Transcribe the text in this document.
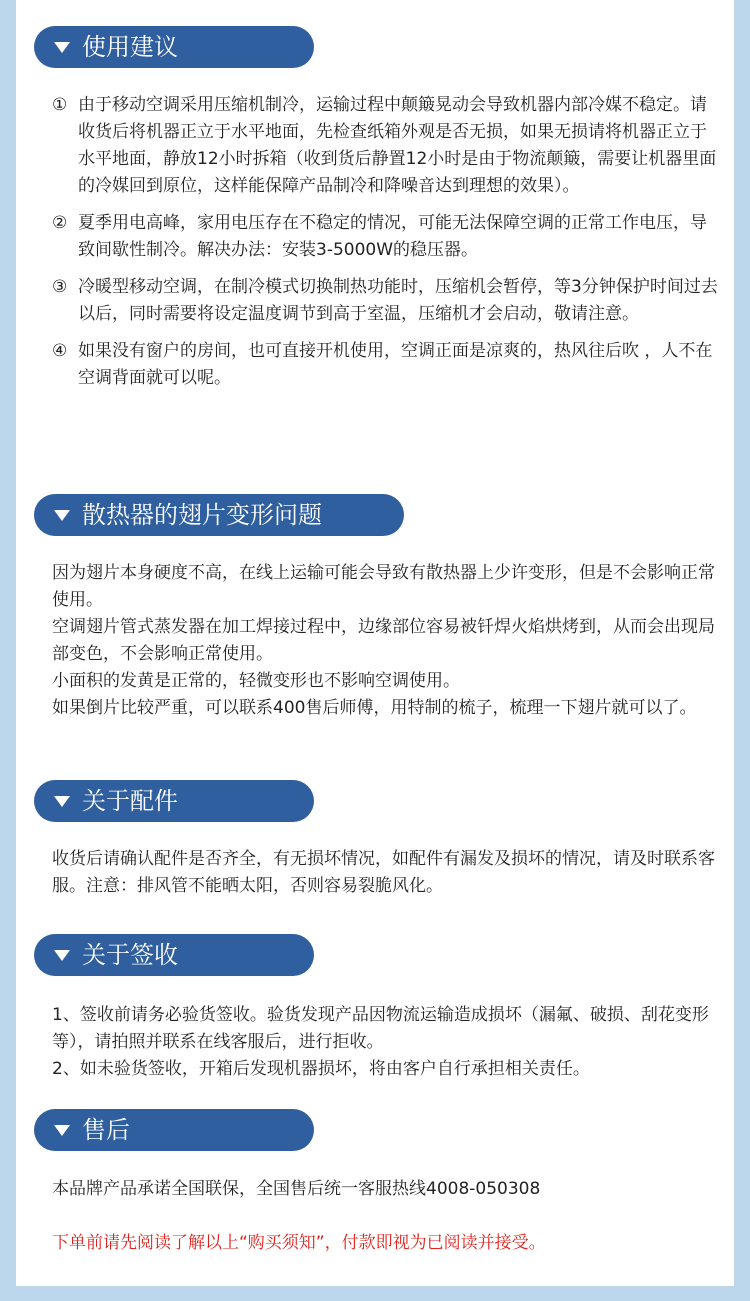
使用建议
① 由于移动空调采用压缩机制冷，运输过程中颠簸晃动会导致机器内部冷媒不稳定。请收货后将机器正立于水平地面，先检查纸箱外观是否无损，如果无损请将机器正立于水平地面，静放12小时拆箱（收到货后静置12小时是由于物流颠簸，需要让机器里面的冷媒回到原位，这样能保障产品制冷和降噪音达到理想的效果）。
② 夏季用电高峰，家用电压存在不稳定的情况，可能无法保障空调的正常工作电压，导致间歇性制冷。解决办法：安装3-5000W的稳压器。
③ 冷暖型移动空调，在制冷模式切换制热功能时，压缩机会暂停，等3分钟保护时间过去以后，同时需要将设定温度调节到高于室温，压缩机才会启动，敬请注意。
④ 如果没有窗户的房间，也可直接开机使用，空调正面是凉爽的，热风往后吹 ，人不在空调背面就可以呢。
散热器的翅片变形问题

因为翅片本身硬度不高，在线上运输可能会导致有散热器上少许变形，但是不会影响正常使用。

空调翅片管式蒸发器在加工焊接过程中，边缘部位容易被钎焊火焰烘烤到，从而会出现局部变色，不会影响正常使用。

小面积的发黄是正常的，轻微变形也不影响空调使用。

如果倒片比较严重，可以联系400售后师傅，用特制的梳子，梳理一下翅片就可以了。

关于配件

收货后请确认配件是否齐全，有无损坏情况，如配件有漏发及损坏的情况，请及时联系客服。注意：排风管不能晒太阳，否则容易裂脆风化。

关于签收

1、签收前请务必验货签收。验货发现产品因物流运输造成损坏（漏氟、破损、刮花变形等），请拍照并联系在线客服后，进行拒收。

2、如未验货签收，开箱后发现机器损坏，将由客户自行承担相关责任。

售后

本品牌产品承诺全国联保，全国售后统一客服热线4008-050308

下单前请先阅读了解以上“购买须知”，付款即视为已阅读并接受。
